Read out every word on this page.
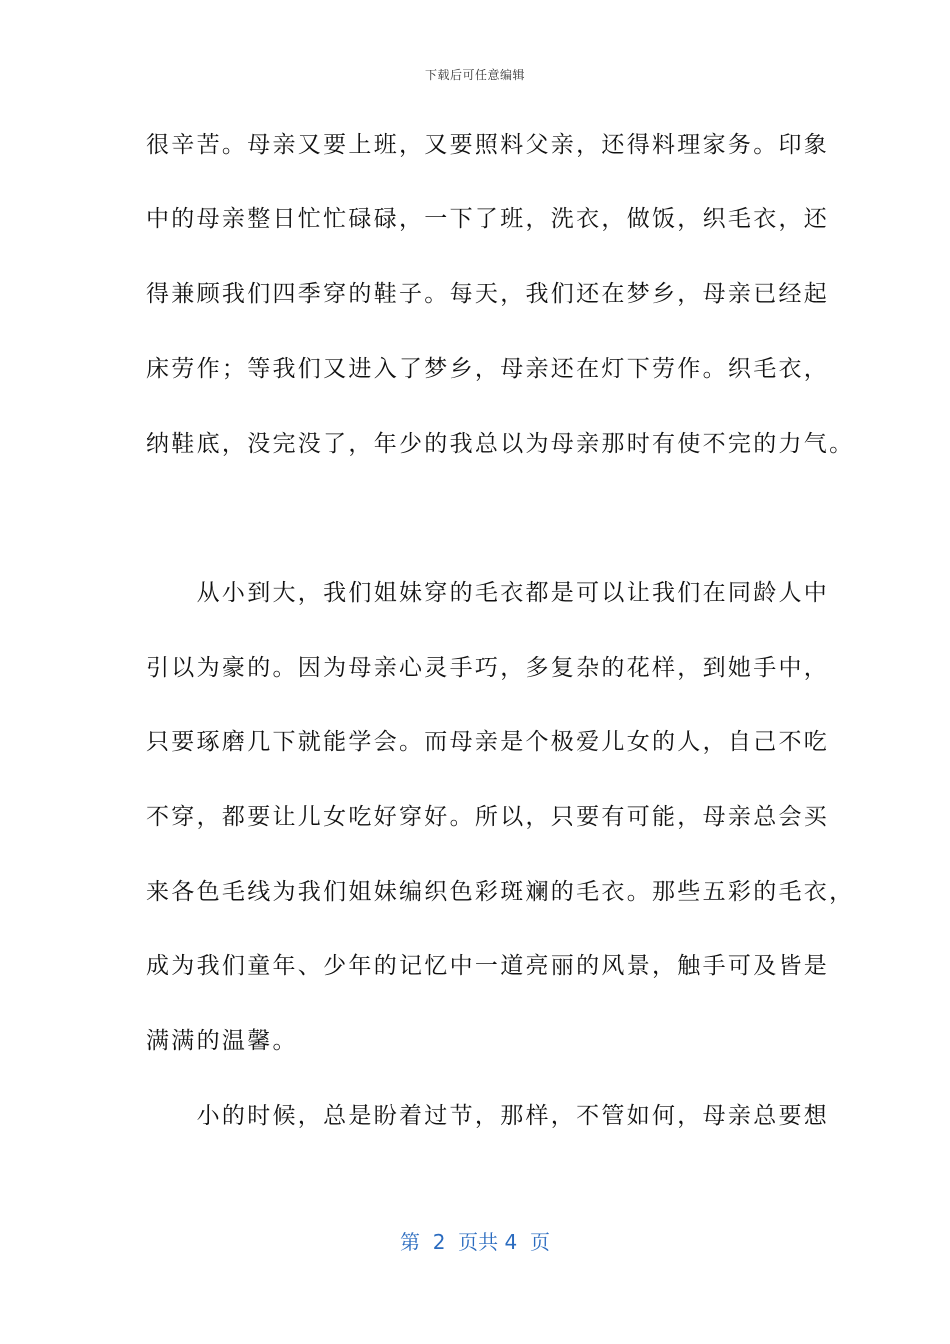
下载后可任意编辑
很辛苦。母亲又要上班，又要照料父亲，还得料理家务。印象
中的母亲整日忙忙碌碌，一下了班，洗衣，做饭，织毛衣，还
得兼顾我们四季穿的鞋子。每天，我们还在梦乡，母亲已经起
床劳作；等我们又进入了梦乡，母亲还在灯下劳作。织毛衣，
纳鞋底，没完没了，年少的我总以为母亲那时有使不完的力气。
　　从小到大，我们姐妹穿的毛衣都是可以让我们在同龄人中
引以为豪的。因为母亲心灵手巧，多复杂的花样，到她手中，
只要琢磨几下就能学会。而母亲是个极爱儿女的人，自己不吃
不穿，都要让儿女吃好穿好。所以，只要有可能，母亲总会买
来各色毛线为我们姐妹编织色彩斑斓的毛衣。那些五彩的毛衣，
成为我们童年、少年的记忆中一道亮丽的风景，触手可及皆是
满满的温馨。
　　小的时候，总是盼着过节，那样，不管如何，母亲总要想
第  2  页共 4  页
